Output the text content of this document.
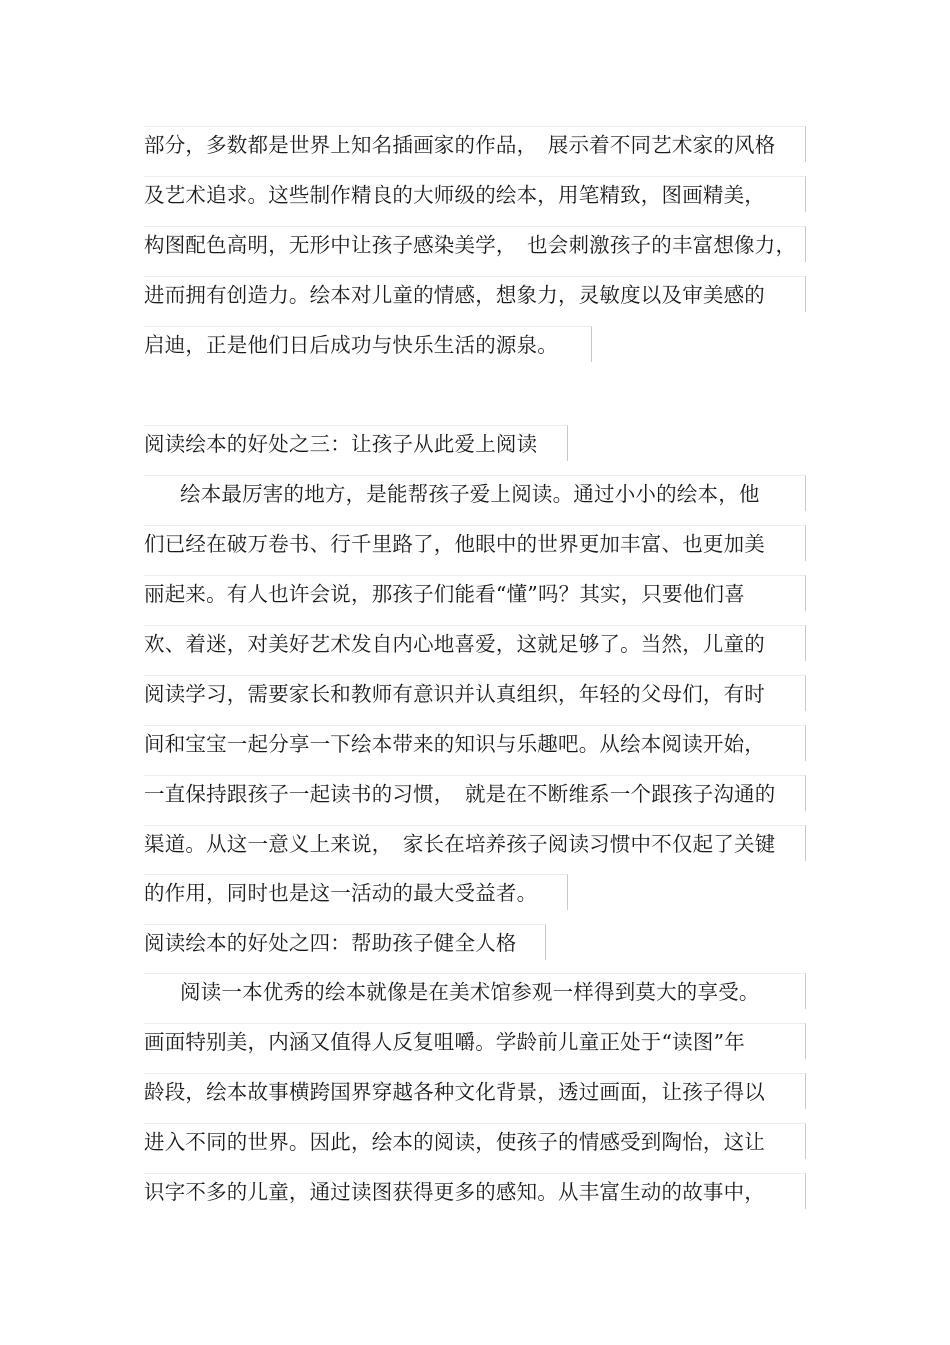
部分，多数都是世界上知名插画家的作品，　展示着不同艺术家的风格
及艺术追求。这些制作精良的大师级的绘本，用笔精致，图画精美，
构图配色高明，无形中让孩子感染美学，　也会刺激孩子的丰富想像力，
进而拥有创造力。绘本对儿童的情感，想象力，灵敏度以及审美感的
启迪，正是他们日后成功与快乐生活的源泉。
阅读绘本的好处之三：让孩子从此爱上阅读
绘本最厉害的地方，是能帮孩子爱上阅读。通过小小的绘本，他
们已经在破万卷书、行千里路了，他眼中的世界更加丰富、也更加美
丽起来。有人也许会说，那孩子们能看“懂”吗？其实，只要他们喜
欢、着迷，对美好艺术发自内心地喜爱，这就足够了。当然，儿童的
阅读学习，需要家长和教师有意识并认真组织，年轻的父母们，有时
间和宝宝一起分享一下绘本带来的知识与乐趣吧。从绘本阅读开始，
一直保持跟孩子一起读书的习惯，　就是在不断维系一个跟孩子沟通的
渠道。从这一意义上来说，　家长在培养孩子阅读习惯中不仅起了关键
的作用，同时也是这一活动的最大受益者。
阅读绘本的好处之四：帮助孩子健全人格
阅读一本优秀的绘本就像是在美术馆参观一样得到莫大的享受。
画面特别美，内涵又值得人反复咀嚼。学龄前儿童正处于“读图”年
龄段，绘本故事横跨国界穿越各种文化背景，透过画面，让孩子得以
进入不同的世界。因此，绘本的阅读，使孩子的情感受到陶怡，这让
识字不多的儿童，通过读图获得更多的感知。从丰富生动的故事中，
